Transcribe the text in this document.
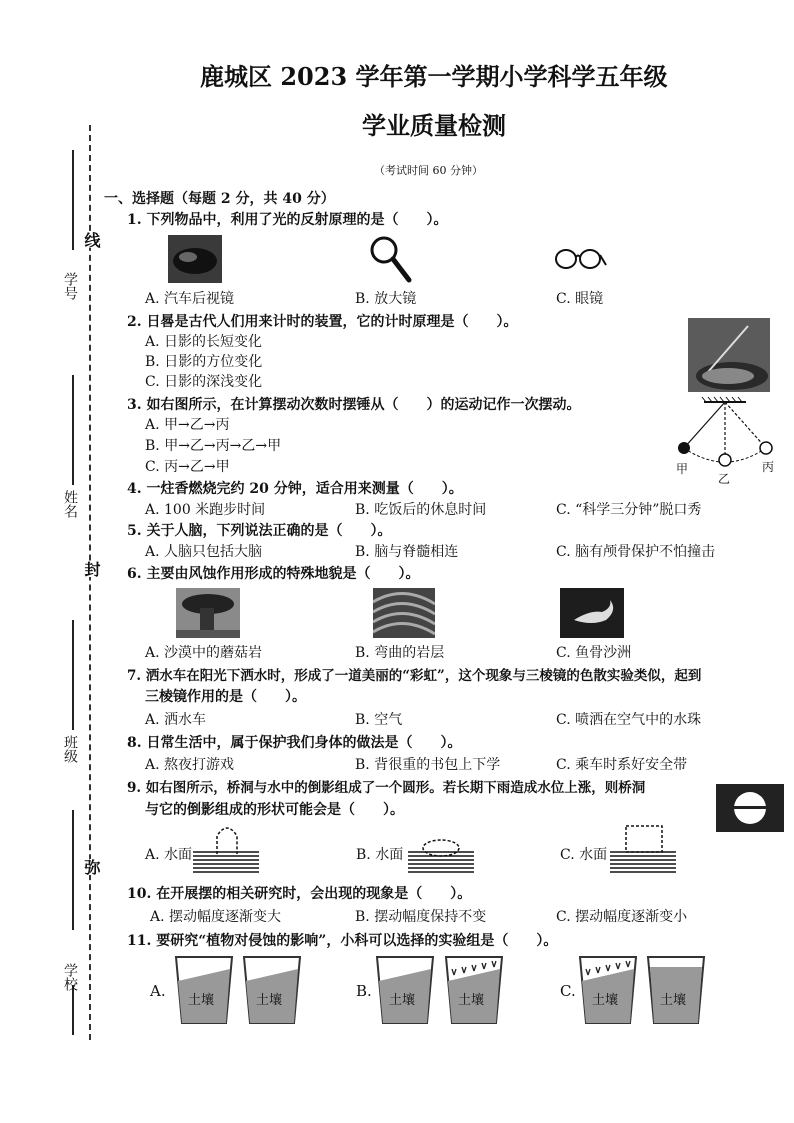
鹿城区 2023 学年第一学期小学科学五年级
学业质量检测
（考试时间 60 分钟）
学号
姓名
班级
学校
线
封
弥
一、选择题（每题 2 分，共 40 分）
1. 下列物品中，利用了光的反射原理的是（　　）。
A. 汽车后视镜	B. 放大镜	C. 眼镜
2. 日晷是古代人们用来计时的装置，它的计时原理是（　　）。
A. 日影的长短变化
B. 日影的方位变化
C. 日影的深浅变化
3. 如右图所示，在计算摆动次数时摆锤从（　　）的运动记作一次摆动。
A. 甲→乙→丙
B. 甲→乙→丙→乙→甲
C. 丙→乙→甲	甲
乙
丙
4. 一炷香燃烧完约 20 分钟，适合用来测量（　　）。
A. 100 米跑步时间	B. 吃饭后的休息时间	C. “科学三分钟”脱口秀
5. 关于人脑，下列说法正确的是（　　）。
A. 人脑只包括大脑	B. 脑与脊髓相连	C. 脑有颅骨保护不怕撞击
6. 主要由风蚀作用形成的特殊地貌是（　　）。
A. 沙漠中的蘑菇岩	B. 弯曲的岩层	C. 鱼骨沙洲
7. 洒水车在阳光下洒水时，形成了一道美丽的“彩虹”，这个现象与三棱镜的色散实验类似，起到
三棱镜作用的是（　　）。
A. 洒水车	B. 空气	C. 喷洒在空气中的水珠
8. 日常生活中，属于保护我们身体的做法是（　　）。
A. 熬夜打游戏	B. 背很重的书包上下学	C. 乘车时系好安全带
9. 如右图所示，桥洞与水中的倒影组成了一个圆形。若长期下雨造成水位上涨，则桥洞
与它的倒影组成的形状可能会是（　　）。
A. 水面	B. 水面	C. 水面
10. 在开展摆的相关研究时，会出现的现象是（　　）。
A. 摆动幅度逐渐变大	B. 摆动幅度保持不变	C. 摆动幅度逐渐变小
11. 要研究“植物对侵蚀的影响”，小科可以选择的实验组是（　　）。
A.
土壤	土壤
B.
土壤	土壤
C.
土壤	土壤
